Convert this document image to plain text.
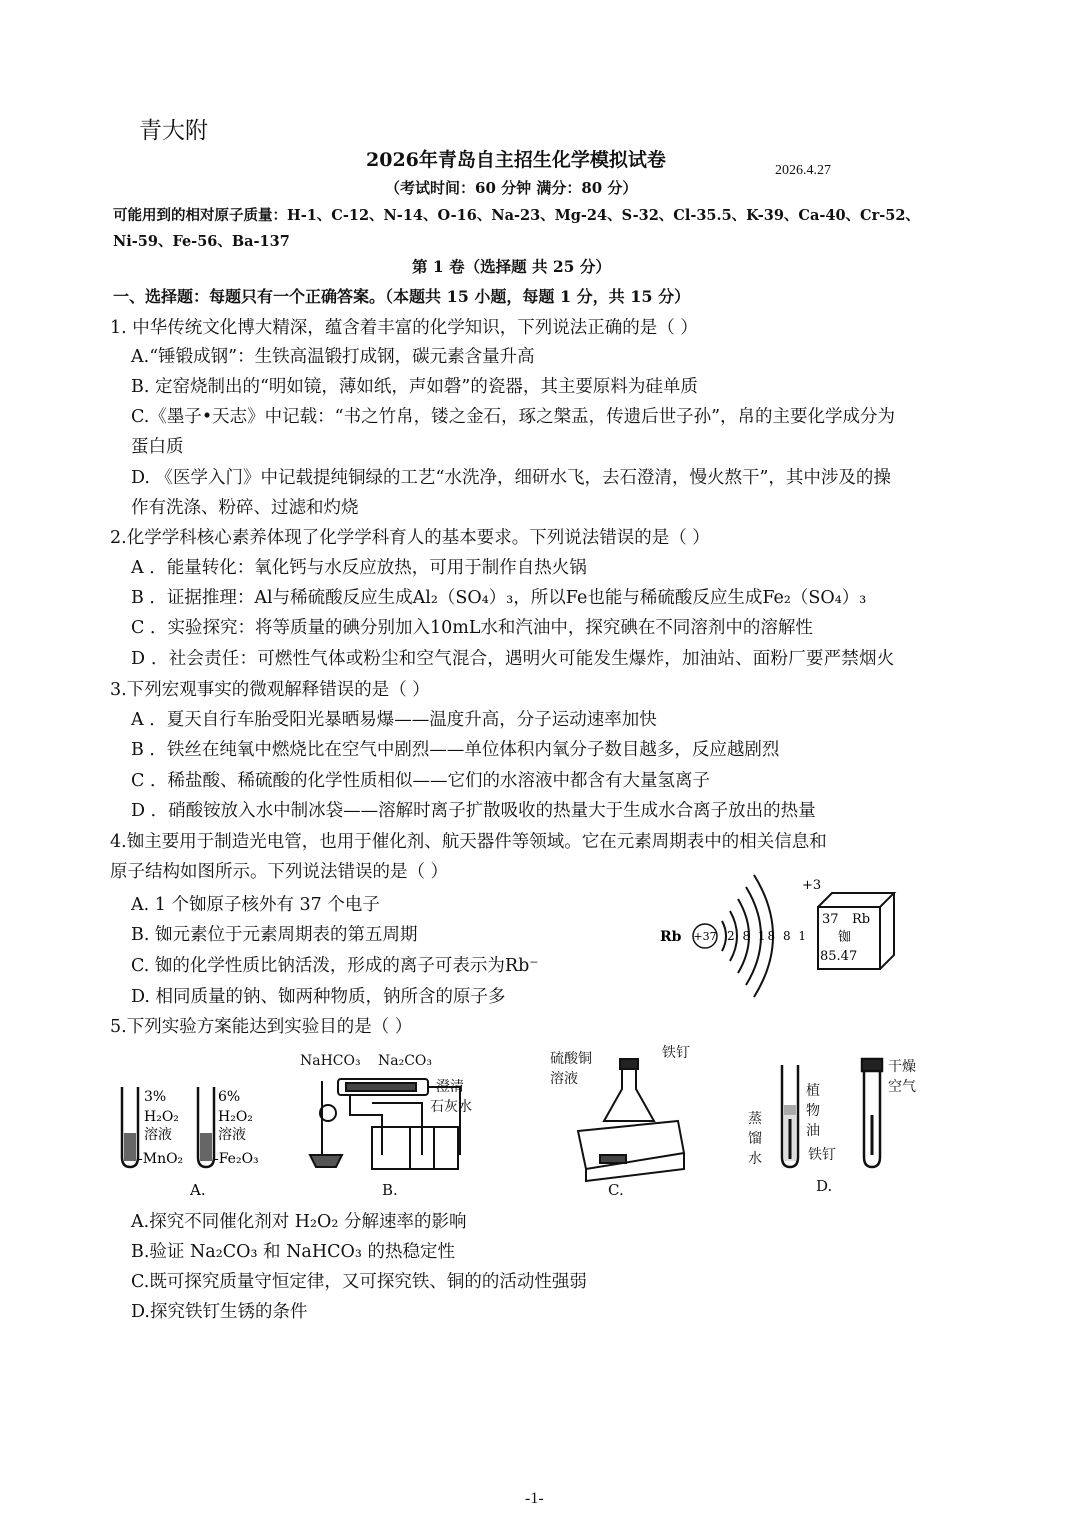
青大附
2026年青岛自主招生化学模拟试卷	2026.4.27
（考试时间：60 分钟 满分：80 分）
可能用到的相对原子质量：H-1、C-12、N-14、O-16、Na-23、Mg-24、S-32、Cl-35.5、K-39、Ca-40、Cr-52、
Ni-59、Fe-56、Ba-137
第 1 卷（选择题 共 25 分）
一、选择题：每题只有一个正确答案。（本题共 15 小题，每题 1 分，共 15 分）
1. 中华传统文化博大精深，蕴含着丰富的化学知识，下列说法正确的是（ ）
A.“锤锻成钢”：生铁高温锻打成钢，碳元素含量升高
B. 定窑烧制出的“明如镜，薄如纸，声如磬”的瓷器，其主要原料为硅单质
C.《墨子•天志》中记载：“书之竹帛，镂之金石，琢之槃盂，传遗后世子孙”，帛的主要化学成分为
蛋白质
D. 《医学入门》中记载提纯铜绿的工艺“水洗净，细研水飞，去石澄清，慢火熬干”，其中涉及的操
作有洗涤、粉碎、过滤和灼烧
2.化学学科核心素养体现了化学学科育人的基本要求。下列说法错误的是（ ）
A ．能量转化：氧化钙与水反应放热，可用于制作自热火锅
B ．证据推理：Al与稀硫酸反应生成Al₂（SO₄）₃，所以Fe也能与稀硫酸反应生成Fe₂（SO₄）₃
C ．实验探究：将等质量的碘分别加入10mL水和汽油中，探究碘在不同溶剂中的溶解性
D ．社会责任：可燃性气体或粉尘和空气混合，遇明火可能发生爆炸，加油站、面粉厂要严禁烟火
3.下列宏观事实的微观解释错误的是（ ）
A ．夏天自行车胎受阳光暴晒易爆——温度升高，分子运动速率加快
B ．铁丝在纯氧中燃烧比在空气中剧烈——单位体积内氧分子数目越多，反应越剧烈
C ．稀盐酸、稀硫酸的化学性质相似——它们的水溶液中都含有大量氢离子
D ．硝酸铵放入水中制冰袋——溶解时离子扩散吸收的热量大于生成水合离子放出的热量
4.铷主要用于制造光电管，也用于催化剂、航天器件等领域。它在元素周期表中的相关信息和
原子结构如图所示。下列说法错误的是（ ）
A. 1 个铷原子核外有 37 个电子
B. 铷元素位于元素周期表的第五周期
C. 铷的化学性质比钠活泼，形成的离子可表示为Rb⁻
D. 相同质量的钠、铷两种物质，钠所含的原子多
Rb +37 2 8 18 8 1
+3
37 Rb
铷
85.47
5.下列实验方案能达到实验目的是（ ）
3%
H₂O₂
溶液
-MnO₂
6%
H₂O₂
溶液
-Fe₂O₃
A.
NaHCO₃ Na₂CO₃
澄清
石灰水
B.
硫酸铜
溶液
铁钉
C.
植
物
油
蒸
馏
水	铁钉
干燥
空气
D.
A.探究不同催化剂对 H₂O₂ 分解速率的影响
B.验证 Na₂CO₃ 和 NaHCO₃ 的热稳定性
C.既可探究质量守恒定律，又可探究铁、铜的的活动性强弱
D.探究铁钉生锈的条件
-1-
